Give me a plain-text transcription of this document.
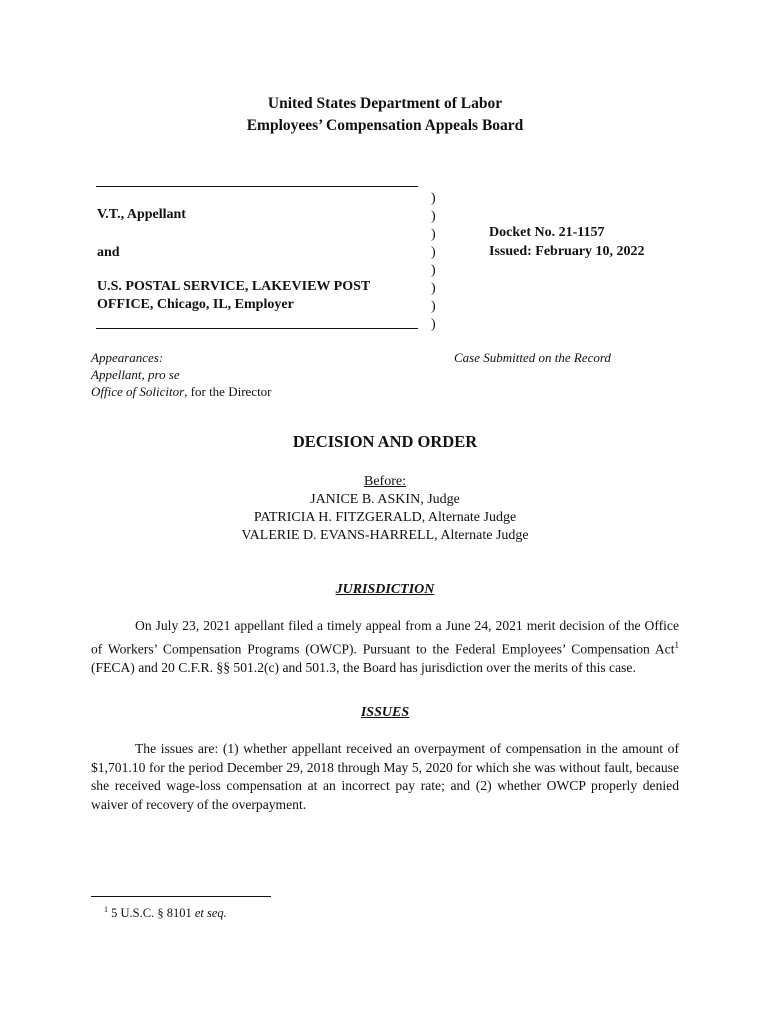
United States Department of Labor
Employees’ Compensation Appeals Board
V.T., Appellant
and
U.S. POSTAL SERVICE, LAKEVIEW POST
OFFICE, Chicago, IL, Employer
)
)
)
)
)
)
)
)
Docket No. 21-1157
Issued: February 10, 2022
Appearances:
Appellant, pro se
Office of Solicitor, for the Director
Case Submitted on the Record
DECISION AND ORDER
Before:
JANICE B. ASKIN, Judge
PATRICIA H. FITZGERALD, Alternate Judge
VALERIE D. EVANS-HARRELL, Alternate Judge
JURISDICTION
On July 23, 2021 appellant filed a timely appeal from a June 24, 2021 merit decision of the Office of Workers’ Compensation Programs (OWCP). Pursuant to the Federal Employees’ Compensation Act$^1$ (FECA) and 20 C.F.R. §§ 501.2(c) and 501.3, the Board has jurisdiction over the merits of this case.
ISSUES
The issues are: (1) whether appellant received an overpayment of compensation in the amount of $1,701.10 for the period December 29, 2018 through May 5, 2020 for which she was without fault, because she received wage-loss compensation at an incorrect pay rate; and (2) whether OWCP properly denied waiver of recovery of the overpayment.
$^1$ 5 U.S.C. § 8101 et seq.
